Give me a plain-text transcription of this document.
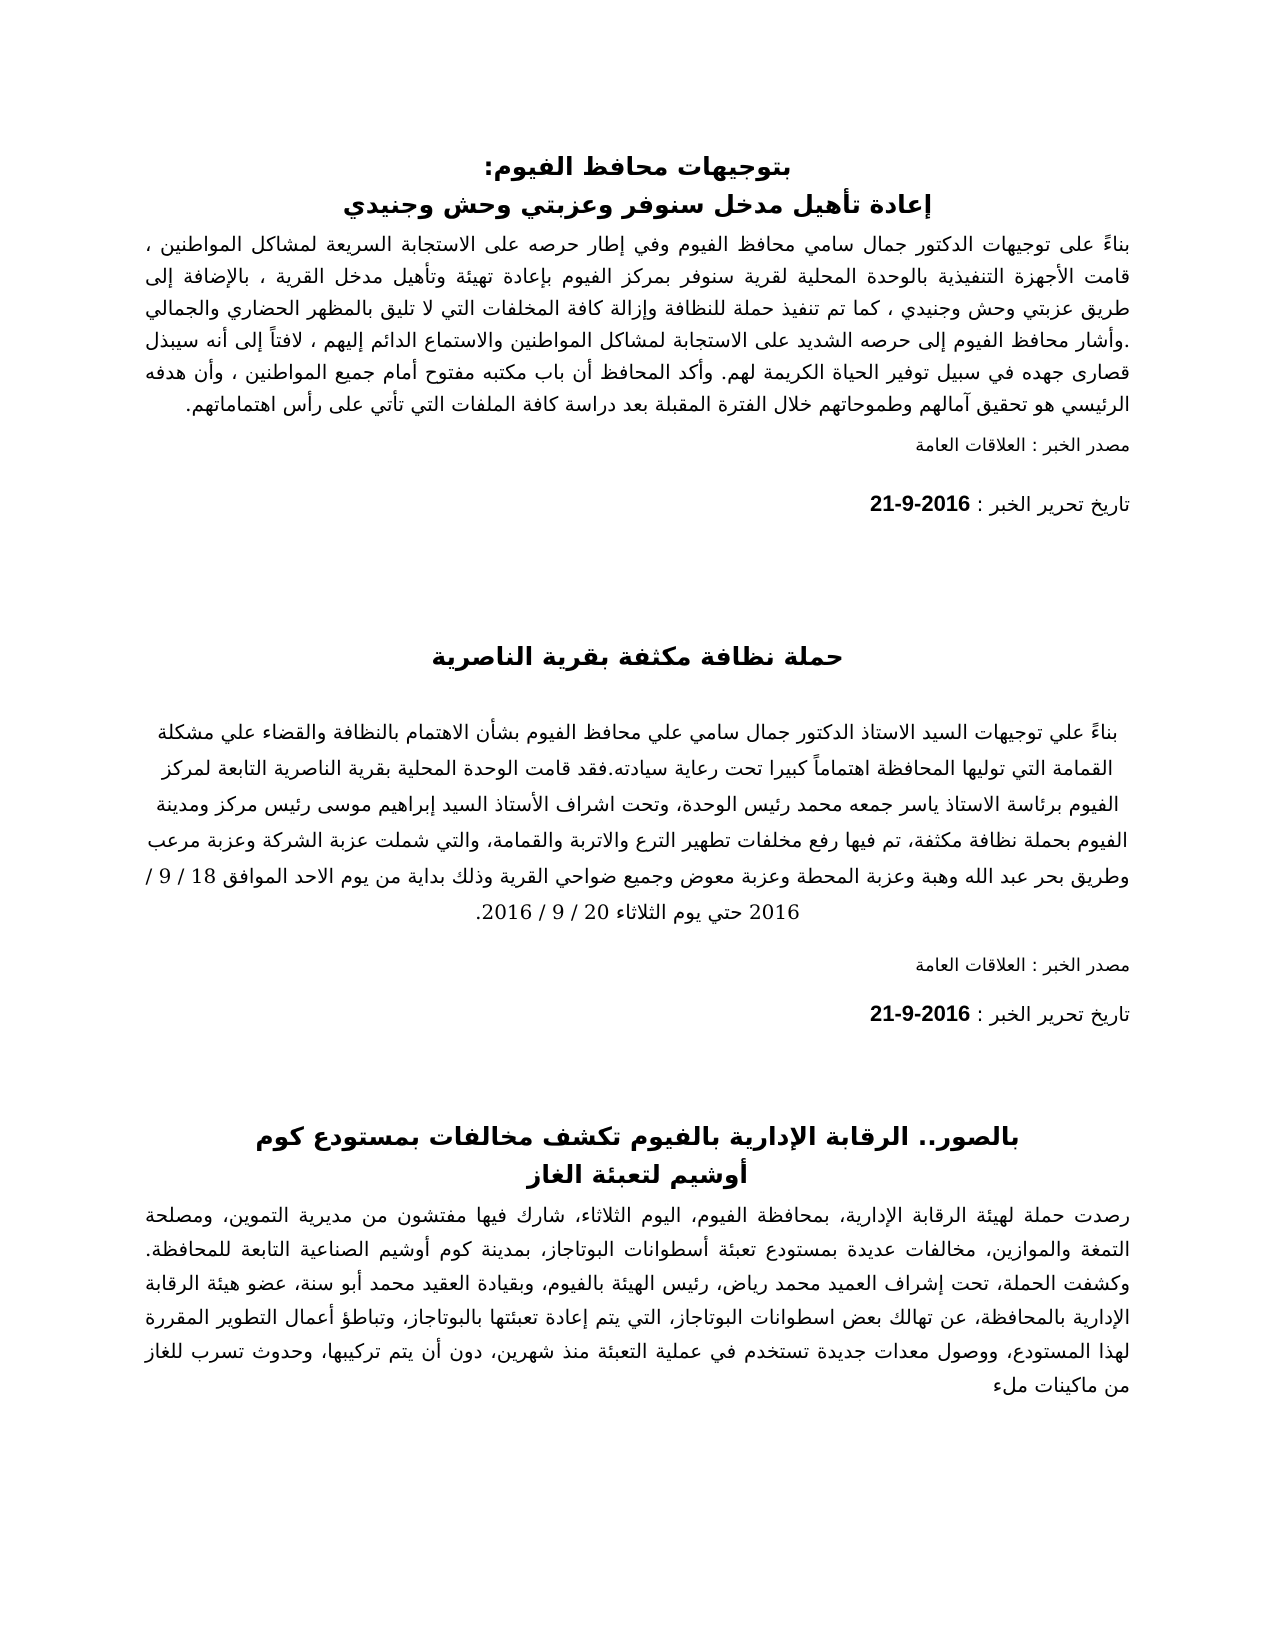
بتوجيهات محافظ الفيوم:
إعادة تأهيل مدخل سنوفر وعزبتي وحش وجنيدي

بناءً على توجيهات الدكتور جمال سامي محافظ الفيوم وفي إطار حرصه على الاستجابة السريعة لمشاكل المواطنين ، قامت الأجهزة التنفيذية بالوحدة المحلية لقرية سنوفر بمركز الفيوم بإعادة تهيئة وتأهيل مدخل القرية ، بالإضافة إلى طريق عزبتي وحش وجنيدي ، كما تم تنفيذ حملة للنظافة وإزالة كافة المخلفات التي لا تليق بالمظهر الحضاري والجمالي .وأشار محافظ الفيوم إلى حرصه الشديد على الاستجابة لمشاكل المواطنين والاستماع الدائم إليهم ، لافتاً إلى أنه سيبذل قصارى جهده في سبيل توفير الحياة الكريمة لهم. وأكد المحافظ أن باب مكتبه مفتوح أمام جميع المواطنين ، وأن هدفه الرئيسي هو تحقيق آمالهم وطموحاتهم خلال الفترة المقبلة بعد دراسة كافة الملفات التي تأتي على رأس اهتماماتهم.

مصدر الخبر : العلاقات العامة

تاريخ تحرير الخبر : 21-9-2016

حملة نظافة مكثفة بقرية الناصرية

بناءً علي توجيهات السيد الاستاذ الدكتور جمال سامي علي محافظ الفيوم بشأن الاهتمام بالنظافة والقضاء علي مشكلة القمامة التي توليها المحافظة اهتماماً كبيرا تحت رعاية سيادته.فقد قامت الوحدة المحلية بقرية الناصرية التابعة لمركز الفيوم برئاسة الاستاذ ياسر جمعه محمد رئيس الوحدة، وتحت اشراف الأستاذ السيد إبراهيم موسى رئيس مركز ومدينة الفيوم بحملة نظافة مكثفة، تم فيها رفع مخلفات تطهير الترع والاتربة والقمامة، والتي شملت عزبة الشركة وعزبة مرعب وطريق بحر عبد الله وهبة وعزبة المحطة وعزبة معوض وجميع ضواحي القرية وذلك بداية من يوم الاحد الموافق 18 / 9 / 2016 حتي يوم الثلاثاء 20 / 9 / 2016.

مصدر الخبر : العلاقات العامة

تاريخ تحرير الخبر : 21-9-2016

بالصور.. الرقابة الإدارية بالفيوم تكشف مخالفات بمستودع كوم أوشيم لتعبئة الغاز

رصدت حملة لهيئة الرقابة الإدارية، بمحافظة الفيوم، اليوم الثلاثاء، شارك فيها مفتشون من مديرية التموين، ومصلحة التمغة والموازين، مخالفات عديدة بمستودع تعبئة أسطوانات البوتاجاز، بمدينة كوم أوشيم الصناعية التابعة للمحافظة. وكشفت الحملة، تحت إشراف العميد محمد رياض، رئيس الهيئة بالفيوم، وبقيادة العقيد محمد أبو سنة، عضو هيئة الرقابة الإدارية بالمحافظة، عن تهالك بعض اسطوانات البوتاجاز، التي يتم إعادة تعبئتها بالبوتاجاز، وتباطؤ أعمال التطوير المقررة لهذا المستودع، ووصول معدات جديدة تستخدم في عملية التعبئة منذ شهرين، دون أن يتم تركيبها، وحدوث تسرب للغاز من ماكينات ملء
